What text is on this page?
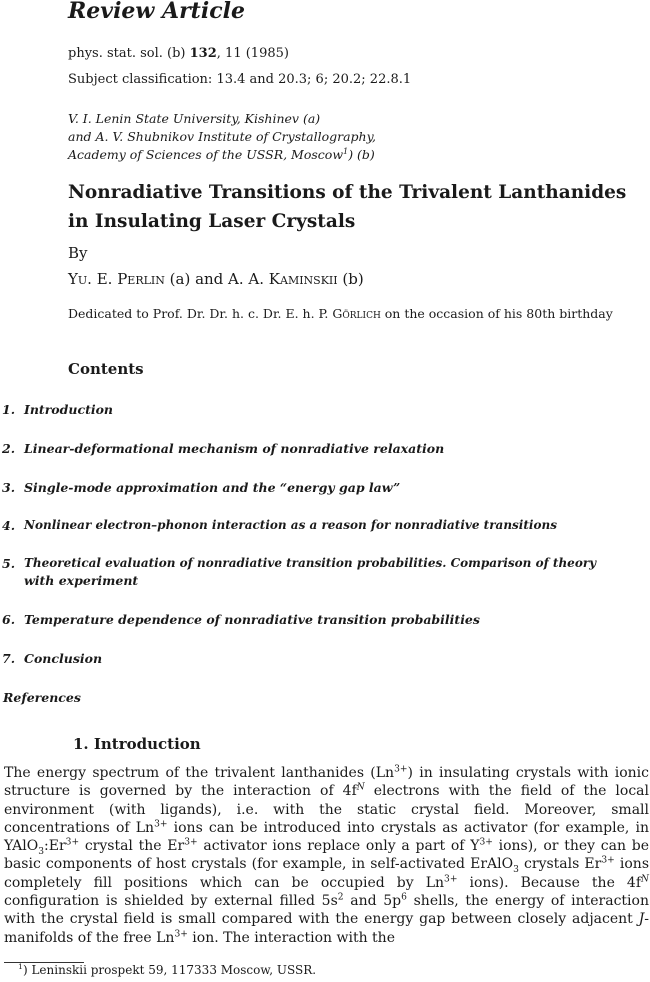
Review Article
phys. stat. sol. (b) 132, 11 (1985)
Subject classification: 13.4 and 20.3; 6; 20.2; 22.8.1
V. I. Lenin State University, Kishinev (a)
and A. V. Shubnikov Institute of Crystallography,
Academy of Sciences of the USSR, Moscow$^1$) (b)
Nonradiative Transitions of the Trivalent Lanthanides
in Insulating Laser Crystals
By
Yu. E. Perlin (a) and A. A. Kaminskii (b)
Dedicated to Prof. Dr. Dr. h. c. Dr. E. h. P. Görlich on the occasion of his 80th birthday
Contents
1. Introduction
2. Linear-deformational mechanism of nonradiative relaxation
3. Single-mode approximation and the “energy gap law”
4. Nonlinear electron–phonon interaction as a reason for nonradiative transitions
5. Theoretical evaluation of nonradiative transition probabilities. Comparison of theory
with experiment
6. Temperature dependence of nonradiative transition probabilities
7. Conclusion
References
1. Introduction
The energy spectrum of the trivalent lanthanides $(Ln^{3+})$ in insulating crystals with ionic structure is governed by the interaction of $4f^N$ electrons with the field of the local environment (with ligands), i.e. with the static crystal field. Moreover, small concentrations of $Ln^{3+}$ ions can be introduced into crystals as activator (for example, in $YAlO_3:Er^{3+}$ crystal the $Er^{3+}$ activator ions replace only a part of $Y^{3+}$ ions), or they can be basic components of host crystals (for example, in self-activated ErAlO$_3$ crystals $Er^{3+}$ ions completely fill positions which can be occupied by $Ln^{3+}$ ions). Because the $4f^N$ configuration is shielded by external filled $5s^2$ and $5p^6$ shells, the energy of interaction with the crystal field is small compared with the energy gap between closely adjacent J-manifolds of the free $Ln^{3+}$ ion. The interaction with the
$^1$) Leninskii prospekt 59, 117333 Moscow, USSR.
